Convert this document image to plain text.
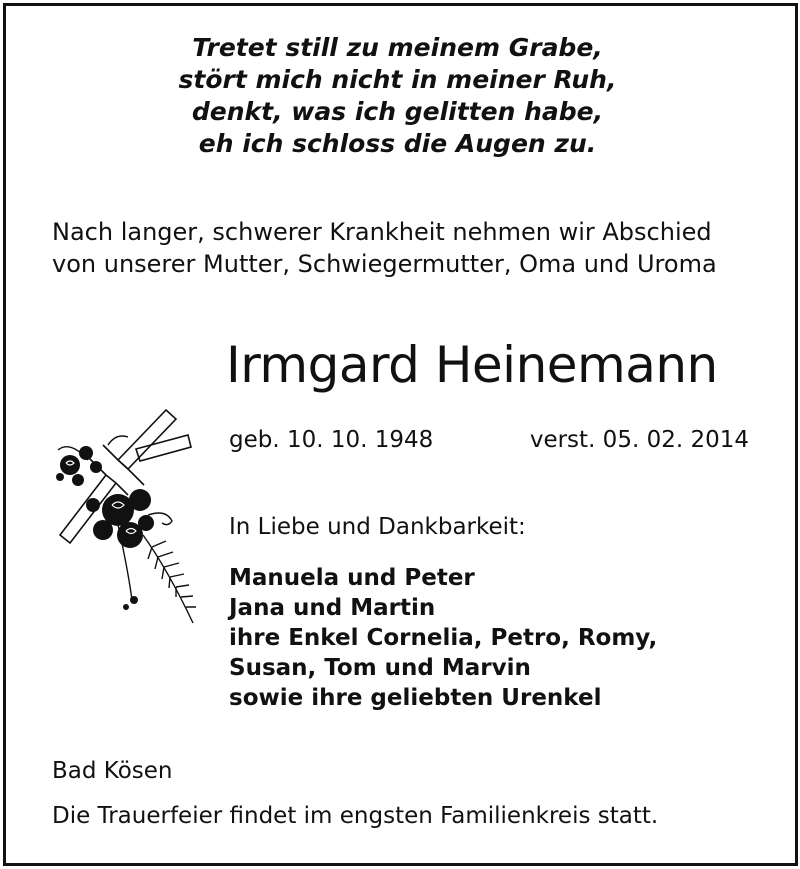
Tretet still zu meinem Grabe,
stört mich nicht in meiner Ruh,
denkt, was ich gelitten habe,
eh ich schloss die Augen zu.
Nach langer, schwerer Krankheit nehmen wir Abschied
von unserer Mutter, Schwiegermutter, Oma und Uroma
Irmgard Heinemann
geb. 10. 10. 1948	verst. 05. 02. 2014
In Liebe und Dankbarkeit:
Manuela und Peter
Jana und Martin
ihre Enkel Cornelia, Petro, Romy,
Susan, Tom und Marvin
sowie ihre geliebten Urenkel
Bad Kösen
Die Trauerfeier findet im engsten Familienkreis statt.
